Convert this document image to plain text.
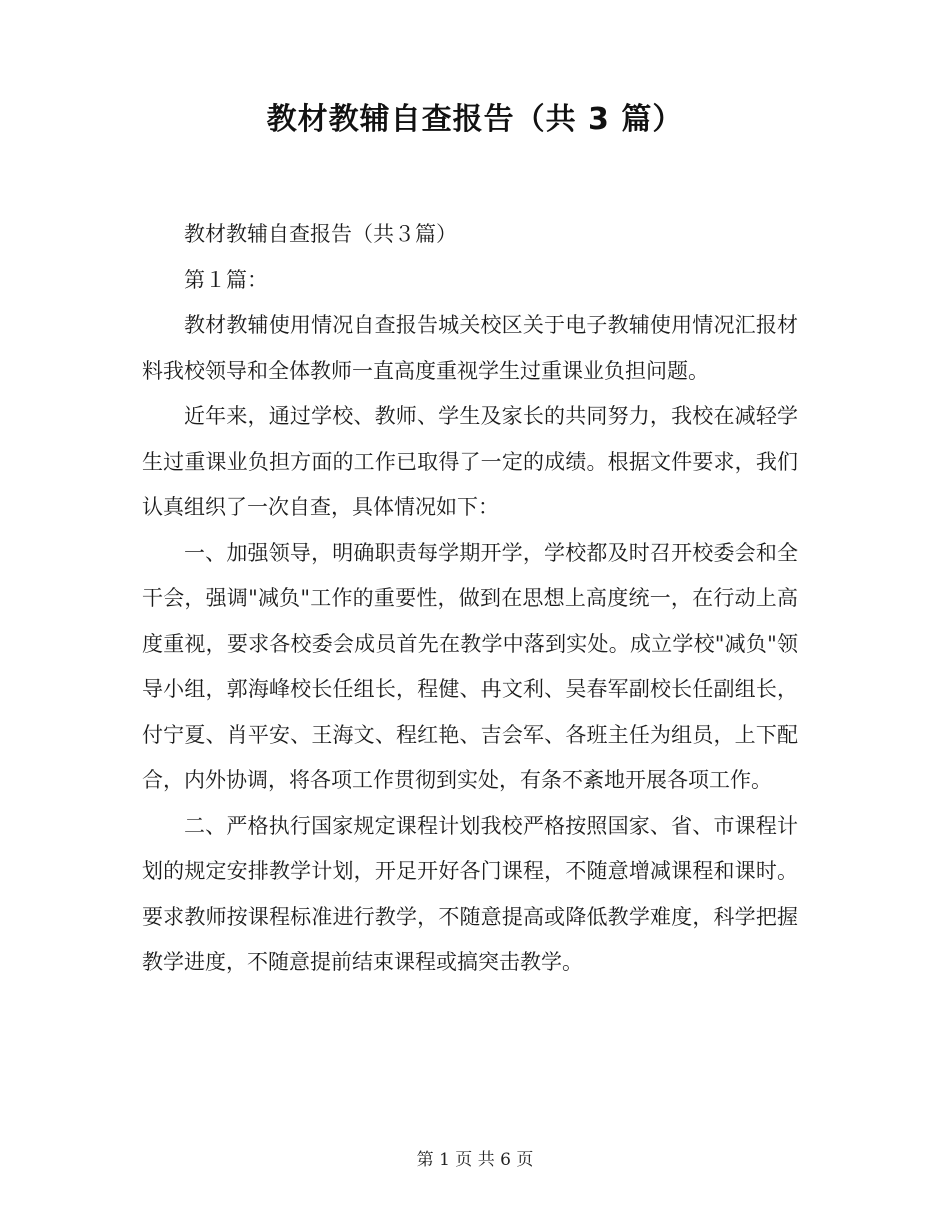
教材教辅自查报告（共 3 篇）

教材教辅自查报告（共３篇）

第１篇：

教材教辅使用情况自查报告城关校区关于电子教辅使用情况汇报材料我校领导和全体教师一直高度重视学生过重课业负担问题。

近年来，通过学校、教师、学生及家长的共同努力，我校在减轻学生过重课业负担方面的工作已取得了一定的成绩。根据文件要求，我们认真组织了一次自查，具体情况如下：

一、加强领导，明确职责每学期开学，学校都及时召开校委会和全干会，强调"减负"工作的重要性，做到在思想上高度统一，在行动上高度重视，要求各校委会成员首先在教学中落到实处。成立学校"减负"领导小组，郭海峰校长任组长，程健、冉文利、吴春军副校长任副组长，付宁夏、肖平安、王海文、程红艳、吉会军、各班主任为组员，上下配合，内外协调，将各项工作贯彻到实处，有条不紊地开展各项工作。

二、严格执行国家规定课程计划我校严格按照国家、省、市课程计划的规定安排教学计划，开足开好各门课程，不随意增减课程和课时。要求教师按课程标准进行教学，不随意提高或降低教学难度，科学把握教学进度，不随意提前结束课程或搞突击教学。

第 1 页 共 6 页
